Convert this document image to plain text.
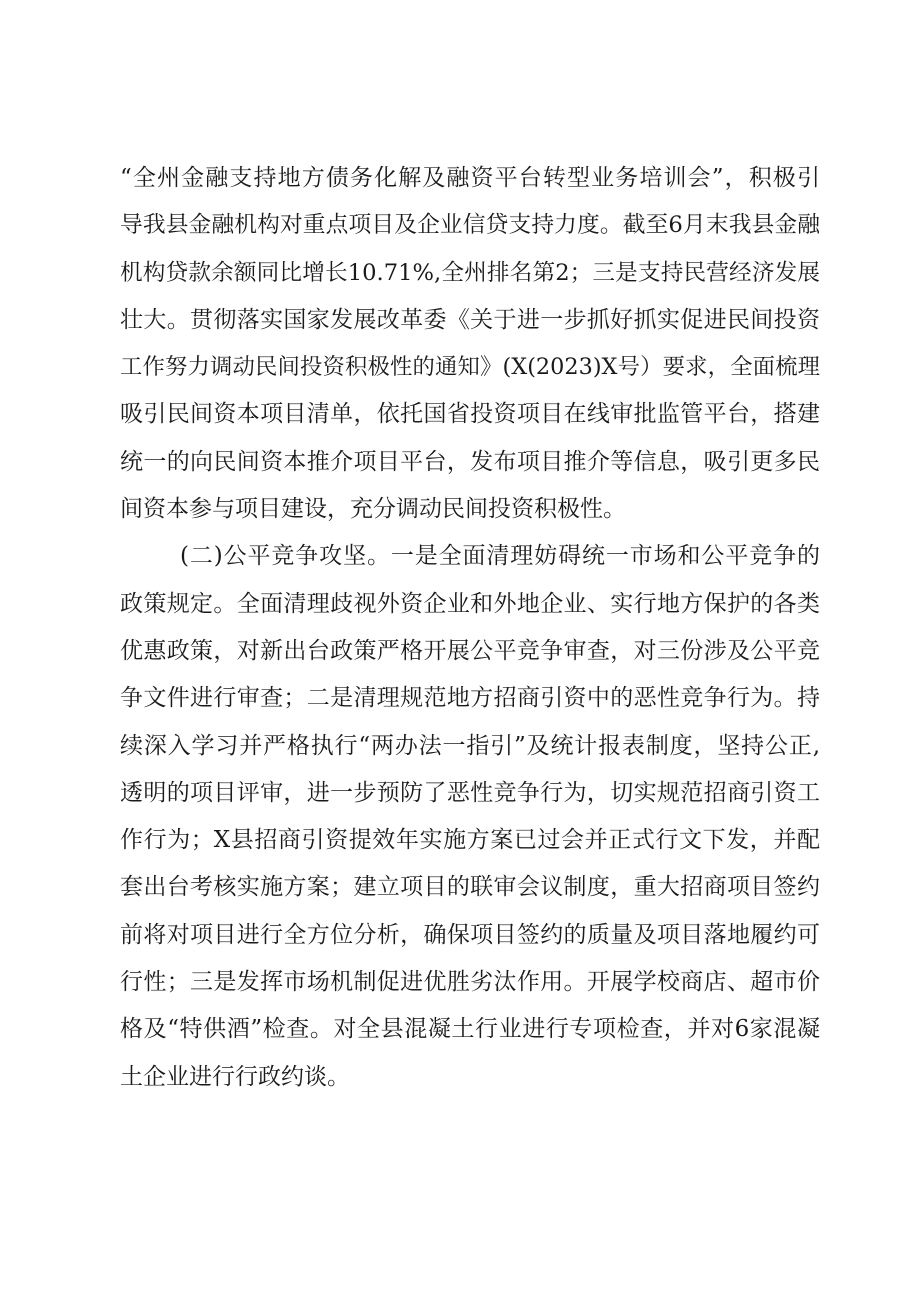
“全州金融支持地方债务化解及融资平台转型业务培训会”，积极引
导我县金融机构对重点项目及企业信贷支持力度。截至6月末我县金融
机构贷款余额同比增长10.71%,全州排名第2；三是支持民营经济发展
壮大。贯彻落实国家发展改革委《关于进一步抓好抓实促进民间投资
工作努力调动民间投资积极性的通知》(X(2023)X号）要求，全面梳理
吸引民间资本项目清单，依托国省投资项目在线审批监管平台，搭建
统一的向民间资本推介项目平台，发布项目推介等信息，吸引更多民
间资本参与项目建设，充分调动民间投资积极性。
(二)公平竞争攻坚。一是全面清理妨碍统一市场和公平竞争的
政策规定。全面清理歧视外资企业和外地企业、实行地方保护的各类
优惠政策，对新出台政策严格开展公平竞争审查，对三份涉及公平竞
争文件进行审查；二是清理规范地方招商引资中的恶性竞争行为。持
续深入学习并严格执行“两办法一指引”及统计报表制度，坚持公正,
透明的项目评审，进一步预防了恶性竞争行为，切实规范招商引资工
作行为；X县招商引资提效年实施方案已过会并正式行文下发，并配
套出台考核实施方案；建立项目的联审会议制度，重大招商项目签约
前将对项目进行全方位分析，确保项目签约的质量及项目落地履约可
行性；三是发挥市场机制促进优胜劣汰作用。开展学校商店、超市价
格及“特供酒”检查。对全县混凝土行业进行专项检查，并对6家混凝
土企业进行行政约谈。
